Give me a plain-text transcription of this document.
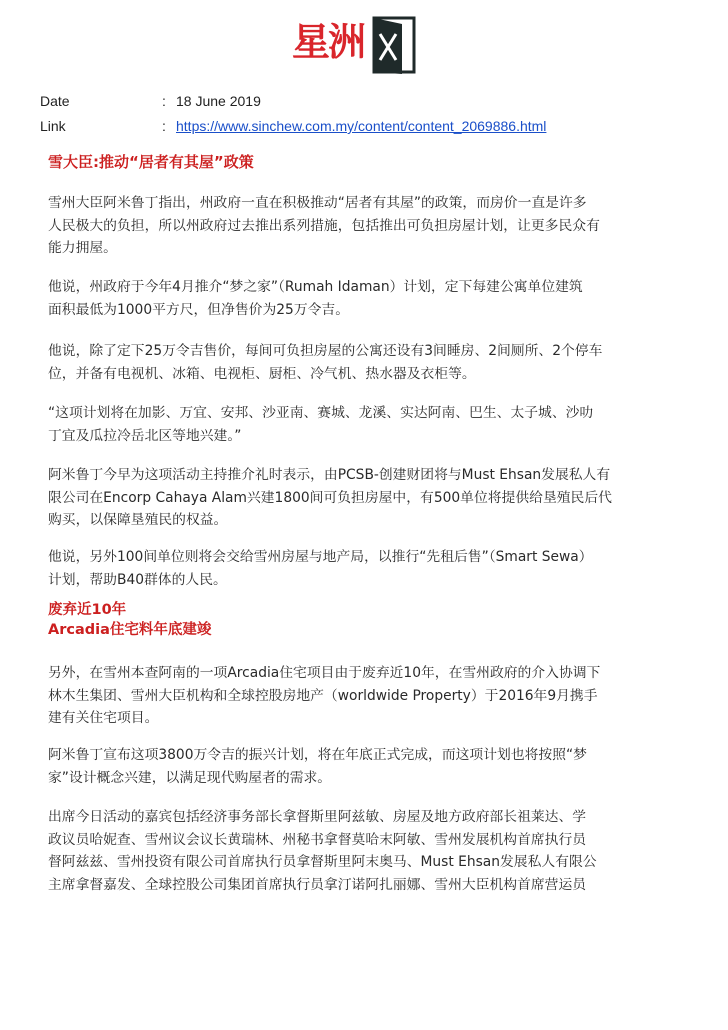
星洲
Date	: 18 June 2019
Link	: https://www.sinchew.com.my/content/content_2069886.html
雪大臣:推动“居者有其屋”政策
雪州大臣阿米鲁丁指出，州政府一直在积极推动“居者有其屋”的政策，而房价一直是许多
人民极大的负担，所以州政府过去推出系列措施，包括推出可负担房屋计划，让更多民众有
能力拥屋。
他说，州政府于今年4月推介“梦之家”（Rumah Idaman）计划，定下每建公寓单位建筑
面积最低为1000平方尺，但净售价为25万令吉。
他说，除了定下25万令吉售价，每间可负担房屋的公寓还设有3间睡房、2间厕所、2个停车
位，并备有电视机、冰箱、电视柜、厨柜、冷气机、热水器及衣柜等。
“这项计划将在加影、万宜、安邦、沙亚南、赛城、龙溪、实达阿南、巴生、太子城、沙叻
丁宜及瓜拉冷岳北区等地兴建。”
阿米鲁丁今早为这项活动主持推介礼时表示，由PCSB-创建财团将与Must Ehsan发展私人有
限公司在Encorp Cahaya Alam兴建1800间可负担房屋中，有500单位将提供给垦殖民后代
购买，以保障垦殖民的权益。
他说，另外100间单位则将会交给雪州房屋与地产局，以推行“先租后售”（Smart Sewa）
计划，帮助B40群体的人民。
废弃近10年
Arcadia住宅料年底建竣
另外，在雪州本查阿南的一项Arcadia住宅项目由于废弃近10年，在雪州政府的介入协调下
林木生集团、雪州大臣机构和全球控股房地产（worldwide Property）于2016年9月携手
建有关住宅项目。
阿米鲁丁宣布这项3800万令吉的振兴计划，将在年底正式完成，而这项计划也将按照“梦
家”设计概念兴建，以满足现代购屋者的需求。
出席今日活动的嘉宾包括经济事务部长拿督斯里阿兹敏、房屋及地方政府部长祖莱达、学
政议员哈妮查、雪州议会议长黄瑞林、州秘书拿督莫哈末阿敏、雪州发展机构首席执行员
督阿兹兹、雪州投资有限公司首席执行员拿督斯里阿末奥马、Must Ehsan发展私人有限公
主席拿督嘉发、全球控股公司集团首席执行员拿汀诺阿扎丽娜、雪州大臣机构首席营运员
